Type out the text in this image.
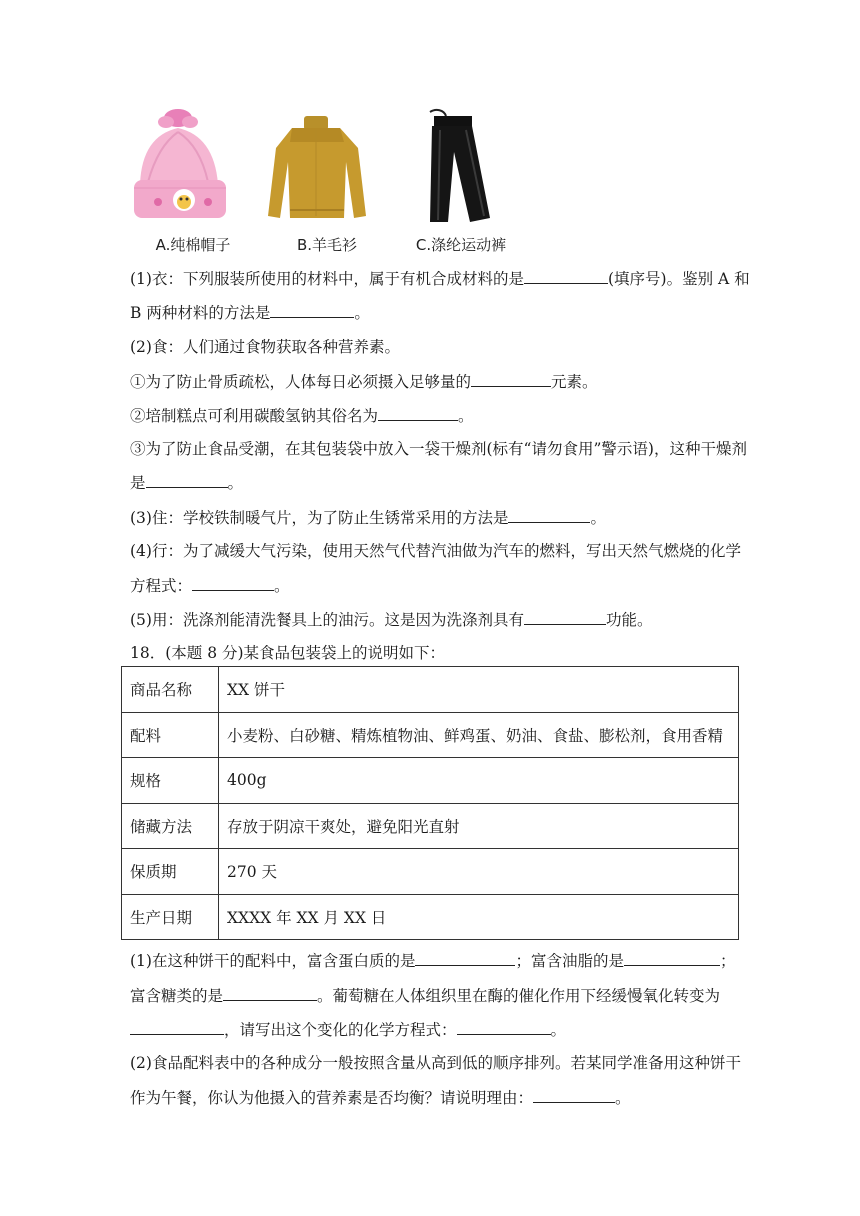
A.纯棉帽子	B.羊毛衫	C.涤纶运动裤
(1)衣：下列服装所使用的材料中，属于有机合成材料的是	(填序号)。鉴别 A 和
B 两种材料的方法是	。
(2)食：人们通过食物获取各种营养素。
①为了防止骨质疏松，人体每日必须摄入足够量的	元素。
②培制糕点可利用碳酸氢钠其俗名为	。
③为了防止食品受潮，在其包装袋中放入一袋干燥剂(标有“请勿食用”警示语)，这种干燥剂
是	。
(3)住：学校铁制暖气片，为了防止生锈常采用的方法是	。
(4)行：为了减缓大气污染，使用天然气代替汽油做为汽车的燃料，写出天然气燃烧的化学
方程式：	。
(5)用：洗涤剂能清洗餐具上的油污。这是因为洗涤剂具有	功能。
18．(本题 8 分)某食品包装袋上的说明如下：
商品名称	XX 饼干
配料	小麦粉、白砂糖、精炼植物油、鲜鸡蛋、奶油、食盐、膨松剂，食用香精
规格	400g
储藏方法	存放于阴凉干爽处，避免阳光直射
保质期	270 天
生产日期	XXXX 年 XX 月 XX 日
(1)在这种饼干的配料中，富含蛋白质的是	；富含油脂的是	；
富含糖类的是	。葡萄糖在人体组织里在酶的催化作用下经缓慢氧化转变为
，请写出这个变化的化学方程式：	。
(2)食品配料表中的各种成分一般按照含量从高到低的顺序排列。若某同学准备用这种饼干
作为午餐，你认为他摄入的营养素是否均衡？请说明理由：	。
